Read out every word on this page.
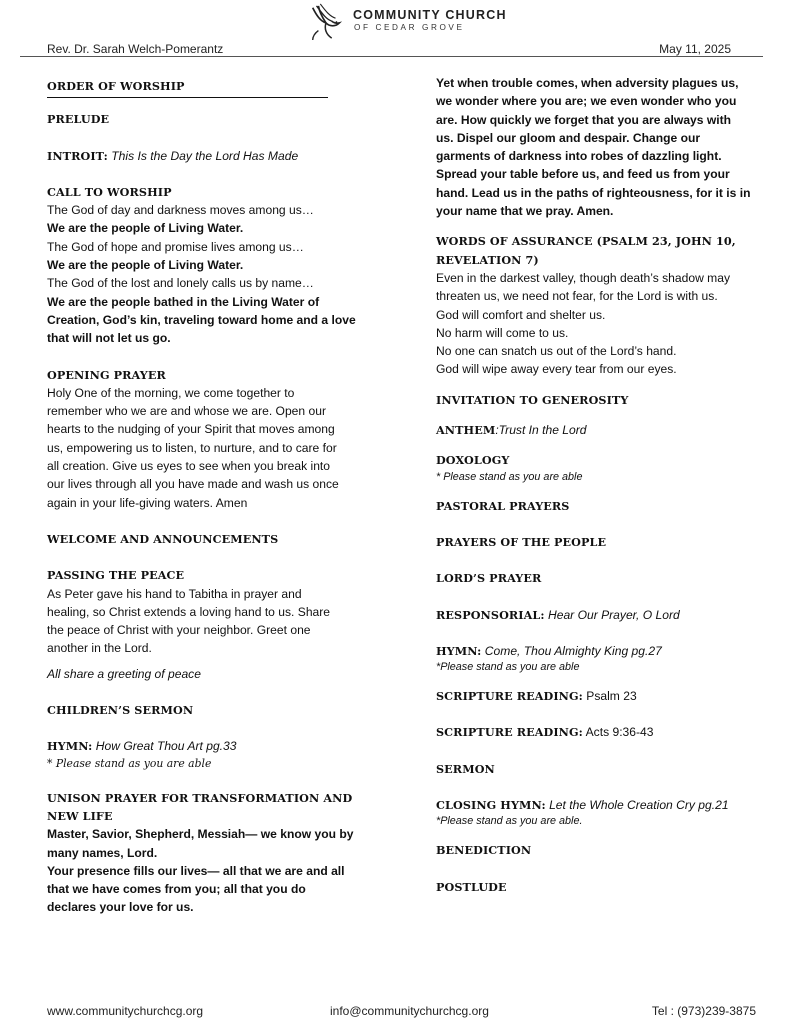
COMMUNITY CHURCH
OF CEDAR GROVE
Rev. Dr. Sarah Welch-Pomerantz	May 11, 2025
ORDER OF WORSHIP
PRELUDE
INTROIT: This Is the Day the Lord Has Made
CALL TO WORSHIP
The God of day and darkness moves among us…
We are the people of Living Water.
The God of hope and promise lives among us…
We are the people of Living Water.
The God of the lost and lonely calls us by name…
We are the people bathed in the Living Water of
Creation, God’s kin, traveling toward home and a love
that will not let us go.
OPENING PRAYER
Holy One of the morning, we come together to
remember who we are and whose we are. Open our
hearts to the nudging of your Spirit that moves among
us, empowering us to listen, to nurture, and to care for
all creation. Give us eyes to see when you break into
our lives through all you have made and wash us once
again in your life-giving waters. Amen
WELCOME AND ANNOUNCEMENTS
PASSING THE PEACE
As Peter gave his hand to Tabitha in prayer and
healing, so Christ extends a loving hand to us. Share
the peace of Christ with your neighbor. Greet one
another in the Lord.
All share a greeting of peace
CHILDREN’S SERMON
HYMN: How Great Thou Art pg.33
* Please stand as you are able
UNISON PRAYER FOR TRANSFORMATION AND
NEW LIFE
Master, Savior, Shepherd, Messiah— we know you by
many names, Lord.
Your presence fills our lives— all that we are and all
that we have comes from you; all that you do
declares your love for us.
Yet when trouble comes, when adversity plagues us,
we wonder where you are; we even wonder who you
are. How quickly we forget that you are always with
us. Dispel our gloom and despair. Change our
garments of darkness into robes of dazzling light.
Spread your table before us, and feed us from your
hand. Lead us in the paths of righteousness, for it is in
your name that we pray. Amen.
WORDS OF ASSURANCE (PSALM 23, JOHN 10,
REVELATION 7)
Even in the darkest valley, though death’s shadow may
threaten us, we need not fear, for the Lord is with us.
God will comfort and shelter us.
No harm will come to us.
No one can snatch us out of the Lord’s hand.
God will wipe away every tear from our eyes.
INVITATION TO GENEROSITY
ANTHEM:Trust In the Lord
DOXOLOGY
* Please stand as you are able
PASTORAL PRAYERS
PRAYERS OF THE PEOPLE
LORD’S PRAYER
RESPONSORIAL: Hear Our Prayer, O Lord
HYMN: Come, Thou Almighty King pg.27
*Please stand as you are able
SCRIPTURE READING: Psalm 23
SCRIPTURE READING: Acts 9:36-43
SERMON
CLOSING HYMN: Let the Whole Creation Cry pg.21
*Please stand as you are able.
BENEDICTION
POSTLUDE
www.communitychurchcg.org	info@communitychurchcg.org	Tel : (973)239-3875
